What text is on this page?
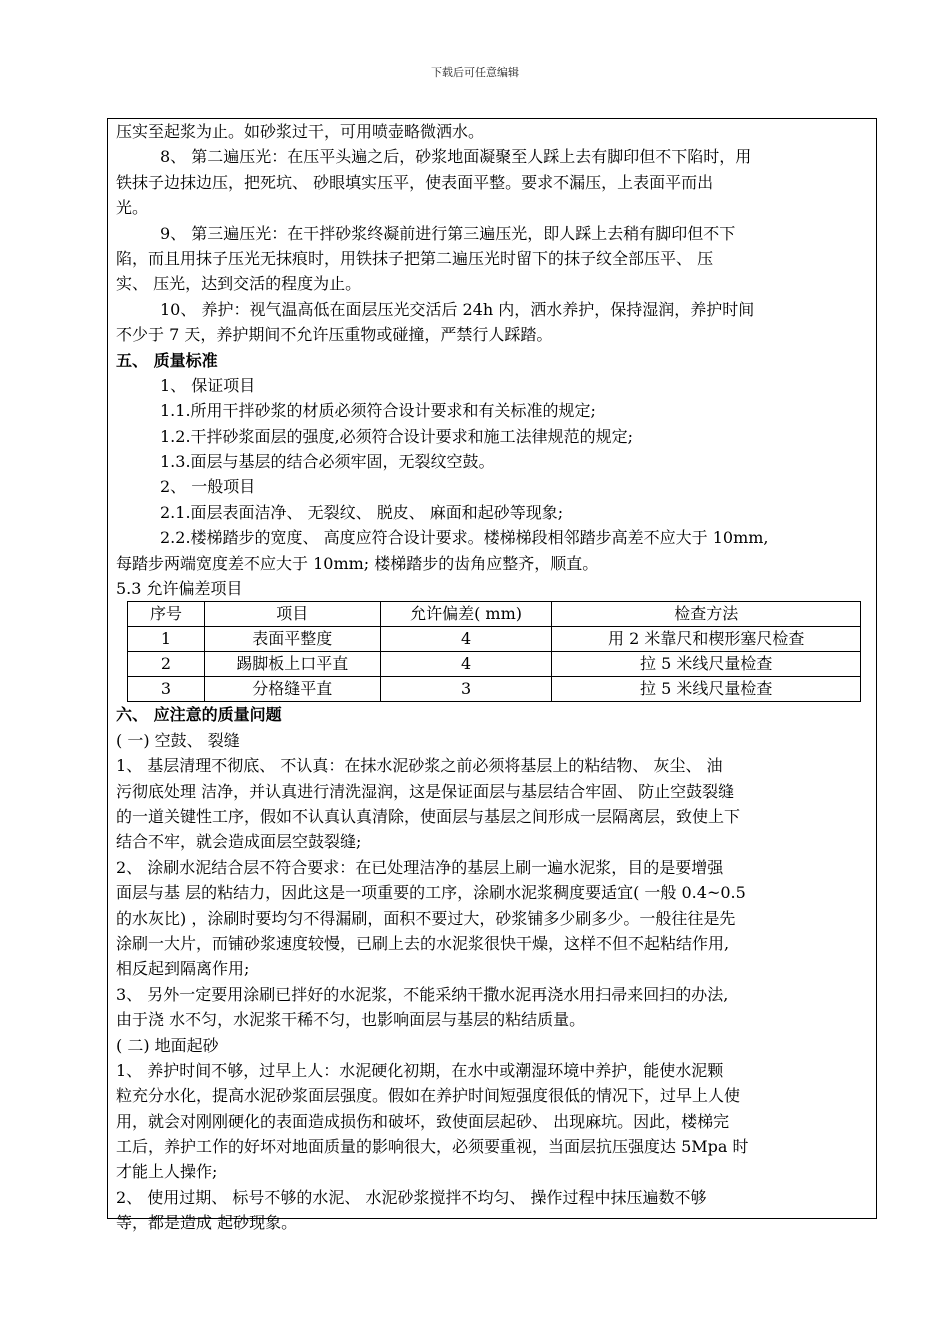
下载后可任意编辑
压实至起浆为止。如砂浆过干，可用喷壶略微洒水。
8、 第二遍压光：在压平头遍之后，砂浆地面凝聚至人踩上去有脚印但不下陷时，用
铁抹子边抹边压，把死坑、 砂眼填实压平，使表面平整。要求不漏压，上表面平而出
光。
9、 第三遍压光：在干拌砂浆终凝前进行第三遍压光，即人踩上去稍有脚印但不下
陷，而且用抹子压光无抹痕时，用铁抹子把第二遍压光时留下的抹子纹全部压平、 压
实、 压光，达到交活的程度为止。
10、 养护：视气温高低在面层压光交活后 24h 内，洒水养护，保持湿润，养护时间
不少于 7 天，养护期间不允许压重物或碰撞，严禁行人踩踏。
五、 质量标准
1、 保证项目
1.1.所用干拌砂浆的材质必须符合设计要求和有关标准的规定;
1.2.干拌砂浆面层的强度,必须符合设计要求和施工法律规范的规定;
1.3.面层与基层的结合必须牢固，无裂纹空鼓。
2、 一般项目
2.1.面层表面洁净、 无裂纹、 脱皮、 麻面和起砂等现象;
2.2.楼梯踏步的宽度、 高度应符合设计要求。楼梯梯段相邻踏步高差不应大于 10mm,
每踏步两端宽度差不应大于 10mm; 楼梯踏步的齿角应整齐，顺直。
5.3 允许偏差项目
序号	项目	允许偏差( mm)	检查方法
1	表面平整度	4	用 2 米靠尺和楔形塞尺检查
2	踢脚板上口平直	4	拉 5 米线尺量检查
3	分格缝平直	3	拉 5 米线尺量检查
六、 应注意的质量问题
( 一) 空鼓、 裂缝
1、 基层清理不彻底、 不认真：在抹水泥砂浆之前必须将基层上的粘结物、 灰尘、 油
污彻底处理 洁净，并认真进行清洗湿润，这是保证面层与基层结合牢固、 防止空鼓裂缝
的一道关键性工序，假如不认真认真清除，使面层与基层之间形成一层隔离层，致使上下
结合不牢，就会造成面层空鼓裂缝;
2、 涂刷水泥结合层不符合要求：在已处理洁净的基层上刷一遍水泥浆，目的是要增强
面层与基 层的粘结力，因此这是一项重要的工序，涂刷水泥浆稠度要适宜( 一般 0.4~0.5
的水灰比) ，涂刷时要均匀不得漏刷，面积不要过大，砂浆铺多少刷多少。一般往往是先
涂刷一大片，而铺砂浆速度较慢，已刷上去的水泥浆很快干燥，这样不但不起粘结作用,
相反起到隔离作用;
3、 另外一定要用涂刷已拌好的水泥浆，不能采纳干撒水泥再浇水用扫帚来回扫的办法,
由于浇 水不匀，水泥浆干稀不匀，也影响面层与基层的粘结质量。
( 二) 地面起砂
1、 养护时间不够，过早上人：水泥硬化初期，在水中或潮湿环境中养护，能使水泥颗
粒充分水化，提高水泥砂浆面层强度。假如在养护时间短强度很低的情况下，过早上人使
用，就会对刚刚硬化的表面造成损伤和破坏，致使面层起砂、 出现麻坑。因此，楼梯完
工后，养护工作的好坏对地面质量的影响很大，必须要重视，当面层抗压强度达 5Mpa 时
才能上人操作;
2、 使用过期、 标号不够的水泥、 水泥砂浆搅拌不均匀、 操作过程中抹压遍数不够
等，都是造成 起砂现象。
